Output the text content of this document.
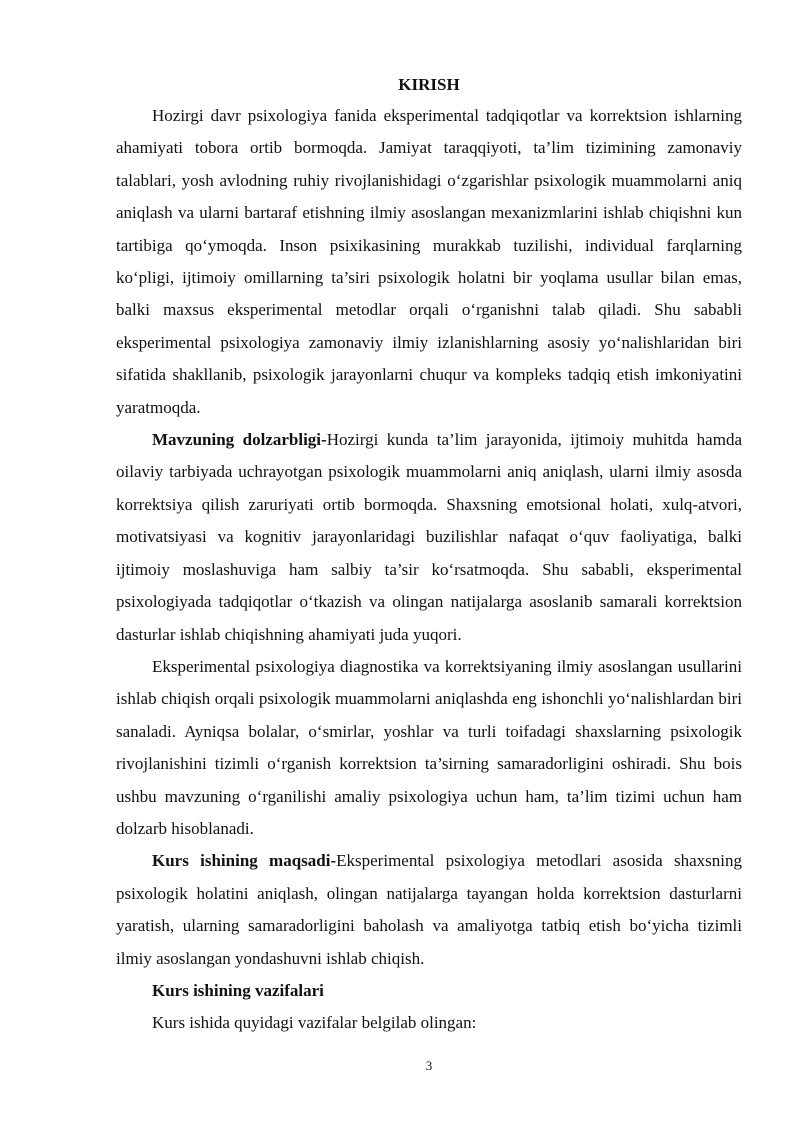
KIRISH

Hozirgi davr psixologiya fanida eksperimental tadqiqotlar va korrektsion ishlarning ahamiyati tobora ortib bormoqda. Jamiyat taraqqiyoti, ta’lim tizimining zamonaviy talablari, yosh avlodning ruhiy rivojlanishidagi o‘zgarishlar psixologik muammolarni aniq aniqlash va ularni bartaraf etishning ilmiy asoslangan mexanizmlarini ishlab chiqishni kun tartibiga qo‘ymoqda. Inson psixikasining murakkab tuzilishi, individual farqlarning ko‘pligi, ijtimoiy omillarning ta’siri psixologik holatni bir yoqlama usullar bilan emas, balki maxsus eksperimental metodlar orqali o‘rganishni talab qiladi. Shu sababli eksperimental psixologiya zamonaviy ilmiy izlanishlarning asosiy yo‘nalishlaridan biri sifatida shakllanib, psixologik jarayonlarni chuqur va kompleks tadqiq etish imkoniyatini yaratmoqda.

Mavzuning dolzarbligi-Hozirgi kunda ta’lim jarayonida, ijtimoiy muhitda hamda oilaviy tarbiyada uchrayotgan psixologik muammolarni aniq aniqlash, ularni ilmiy asosda korrektsiya qilish zaruriyati ortib bormoqda. Shaxsning emotsional holati, xulq-atvori, motivatsiyasi va kognitiv jarayonlaridagi buzilishlar nafaqat o‘quv faoliyatiga, balki ijtimoiy moslashuviga ham salbiy ta’sir ko‘rsatmoqda. Shu sababli, eksperimental psixologiyada tadqiqotlar o‘tkazish va olingan natijalarga asoslanib samarali korrektsion dasturlar ishlab chiqishning ahamiyati juda yuqori.

Eksperimental psixologiya diagnostika va korrektsiyaning ilmiy asoslangan usullarini ishlab chiqish orqali psixologik muammolarni aniqlashda eng ishonchli yo‘nalishlardan biri sanaladi. Ayniqsa bolalar, o‘smirlar, yoshlar va turli toifadagi shaxslarning psixologik rivojlanishini tizimli o‘rganish korrektsion ta’sirning samaradorligini oshiradi. Shu bois ushbu mavzuning o‘rganilishi amaliy psixologiya uchun ham, ta’lim tizimi uchun ham dolzarb hisoblanadi.

Kurs ishining maqsadi-Eksperimental psixologiya metodlari asosida shaxsning psixologik holatini aniqlash, olingan natijalarga tayangan holda korrektsion dasturlarni yaratish, ularning samaradorligini baholash va amaliyotga tatbiq etish bo‘yicha tizimli ilmiy asoslangan yondashuvni ishlab chiqish.

Kurs ishining vazifalari

Kurs ishida quyidagi vazifalar belgilab olingan:

3
